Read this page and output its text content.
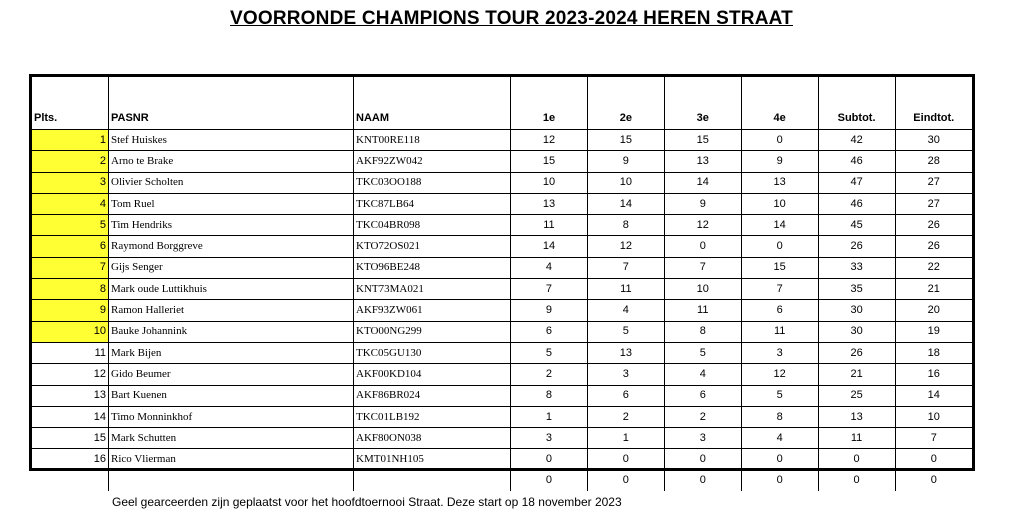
VOORRONDE CHAMPIONS TOUR 2023-2024 HEREN STRAAT
Plts.	PASNR	NAAM	1e	2e	3e	4e	Subtot.	Eindtot.
1	Stef Huiskes	KNT00RE118	12	15	15	0	42	30
2	Arno te Brake	AKF92ZW042	15	9	13	9	46	28
3	Olivier Scholten	TKC03OO188	10	10	14	13	47	27
4	Tom Ruel	TKC87LB64	13	14	9	10	46	27
5	Tim Hendriks	TKC04BR098	11	8	12	14	45	26
6	Raymond Borggreve	KTO72OS021	14	12	0	0	26	26
7	Gijs Senger	KTO96BE248	4	7	7	15	33	22
8	Mark oude Luttikhuis	KNT73MA021	7	11	10	7	35	21
9	Ramon Halleriet	AKF93ZW061	9	4	11	6	30	20
10	Bauke Johannink	KTO00NG299	6	5	8	11	30	19
11	Mark Bijen	TKC05GU130	5	13	5	3	26	18
12	Gido Beumer	AKF00KD104	2	3	4	12	21	16
13	Bart Kuenen	AKF86BR024	8	6	6	5	25	14
14	Timo Monninkhof	TKC01LB192	1	2	2	8	13	10
15	Mark Schutten	AKF80ON038	3	1	3	4	11	7
16	Rico Vlierman	KMT01NH105	0	0	0	0	0	0
			0	0	0	0	0	0
Geel gearceerden zijn geplaatst voor het hoofdtoernooi Straat. Deze start op 18 november 2023
